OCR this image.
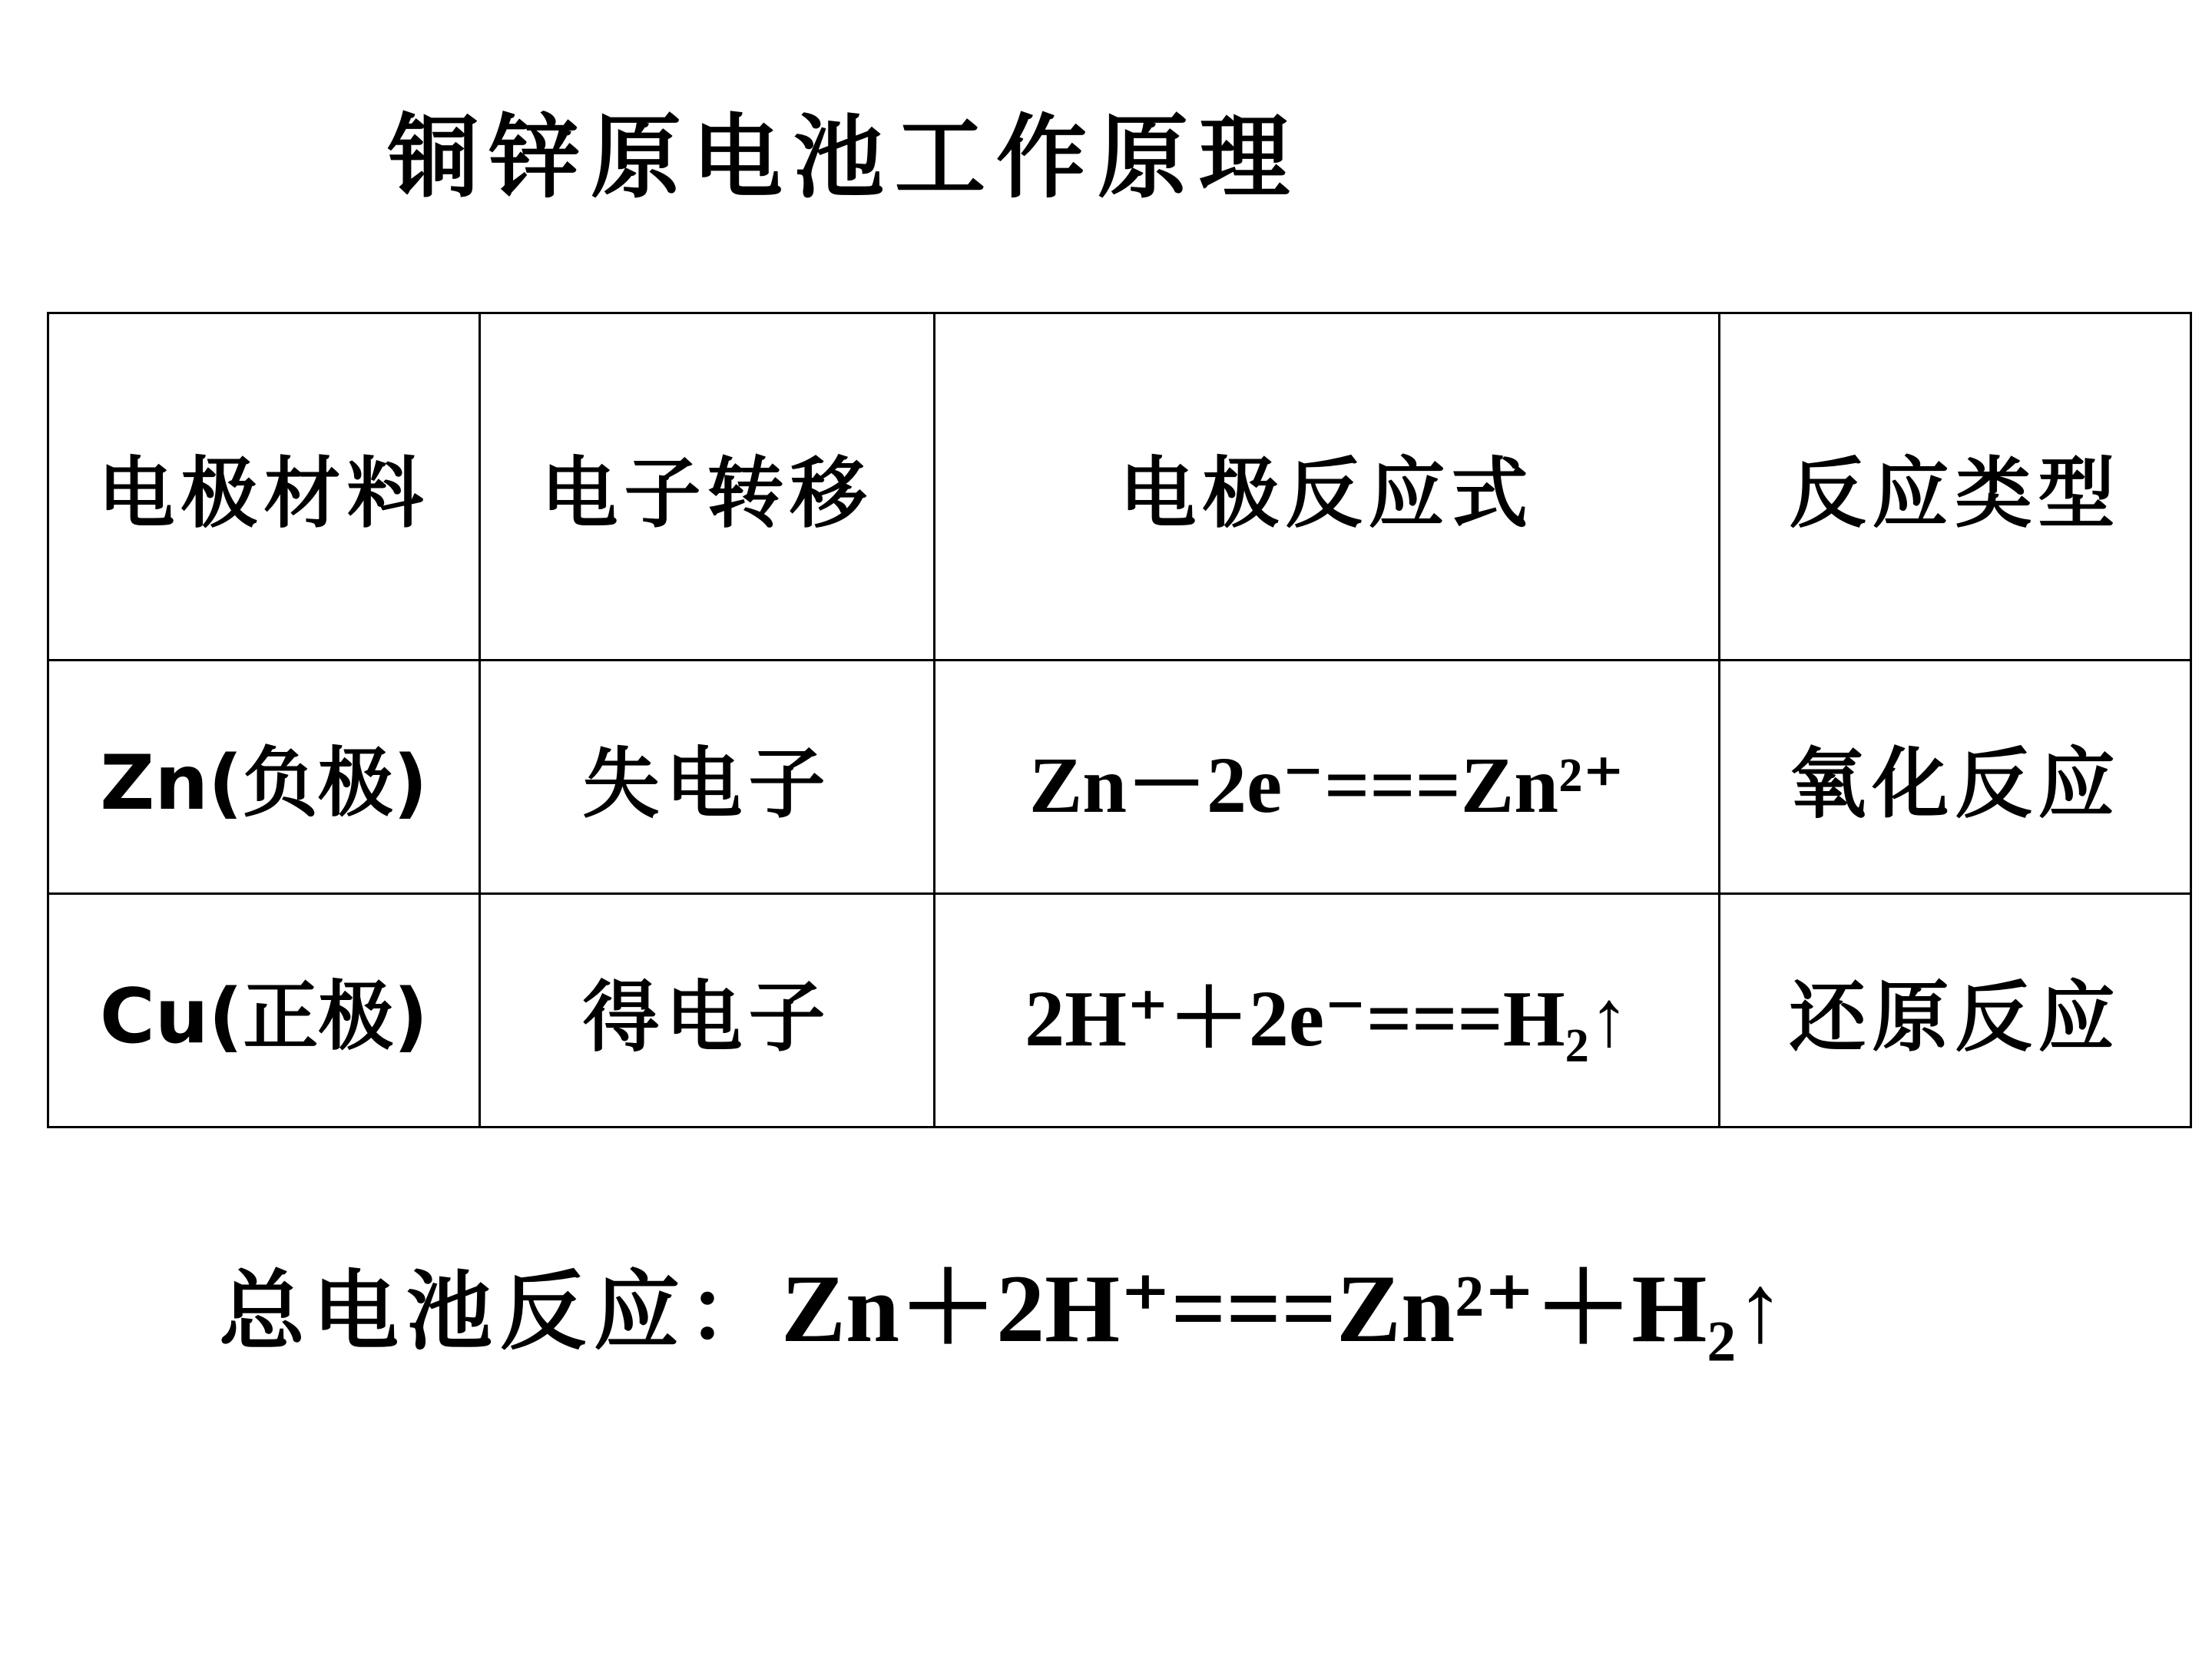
铜锌原电池工作原理
电极材料	电子转移	电极反应式	反应类型
Zn(负极)	失电子	Zn－2e⁻===Zn²⁺	氧化反应
Cu(正极)	得电子	2H⁺＋2e⁻===H₂↑	还原反应
总电池反应：Zn＋2H⁺===Zn²⁺＋H₂↑
